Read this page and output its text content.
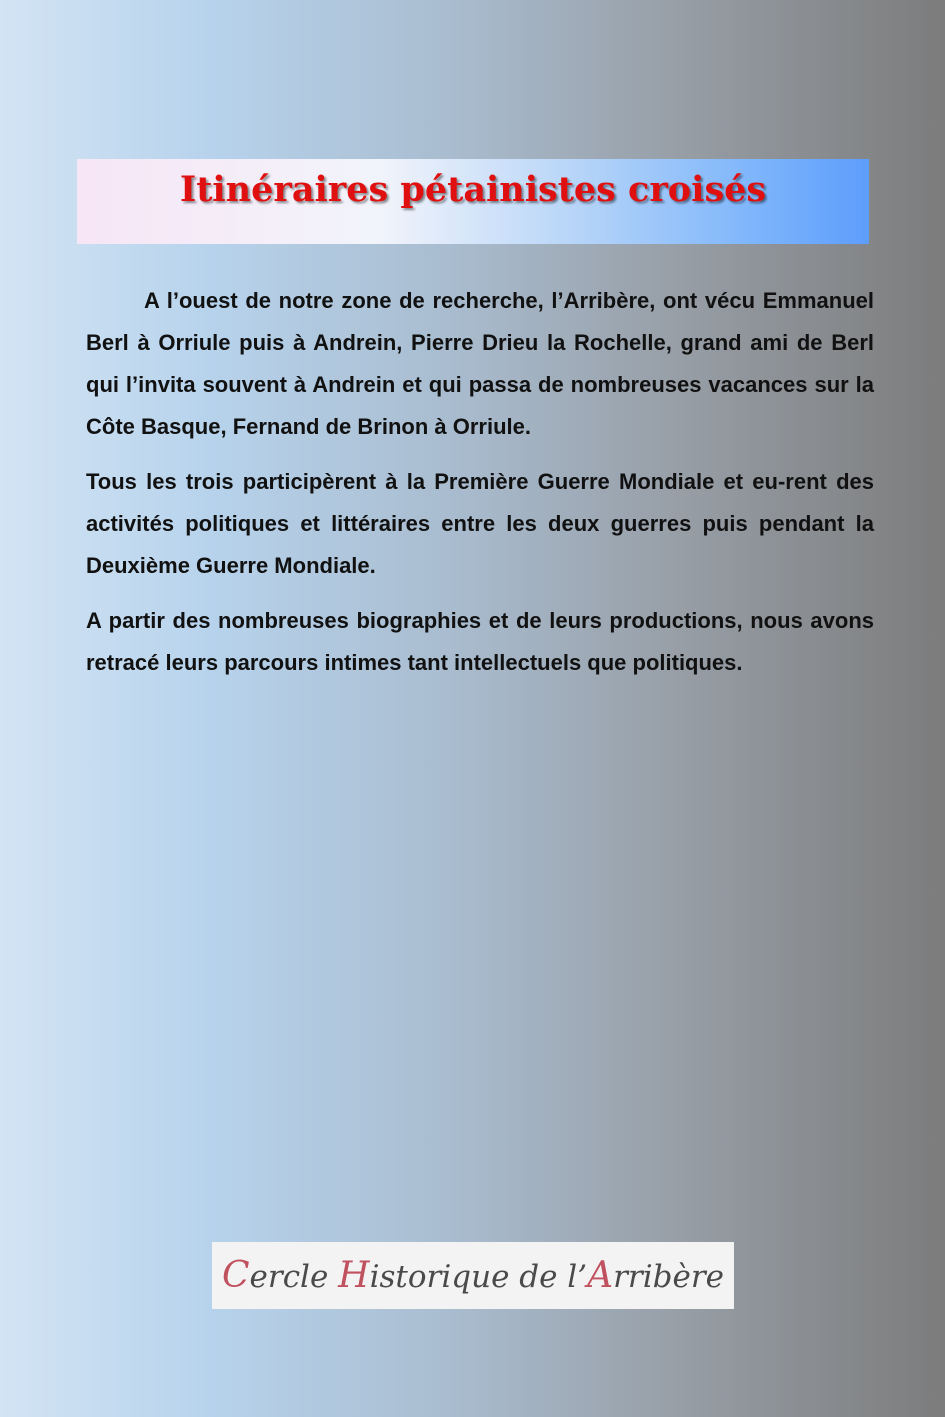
Itinéraires pétainistes croisés

A l’ouest de notre zone de recherche, l’Arribère, ont vécu Emmanuel Berl à Orriule puis à Andrein, Pierre Drieu la Rochelle, grand ami de Berl qui l’invita souvent à Andrein et qui passa de nombreuses vacances sur la Côte Basque, Fernand de Brinon à Orriule.

Tous les trois participèrent à la Première Guerre Mondiale et eu-rent des activités politiques et littéraires entre les deux guerres puis pendant la Deuxième Guerre Mondiale.

A partir des nombreuses biographies et de leurs productions, nous avons retracé leurs parcours intimes tant intellectuels que politiques.

Cercle Historique de l’Arribère
